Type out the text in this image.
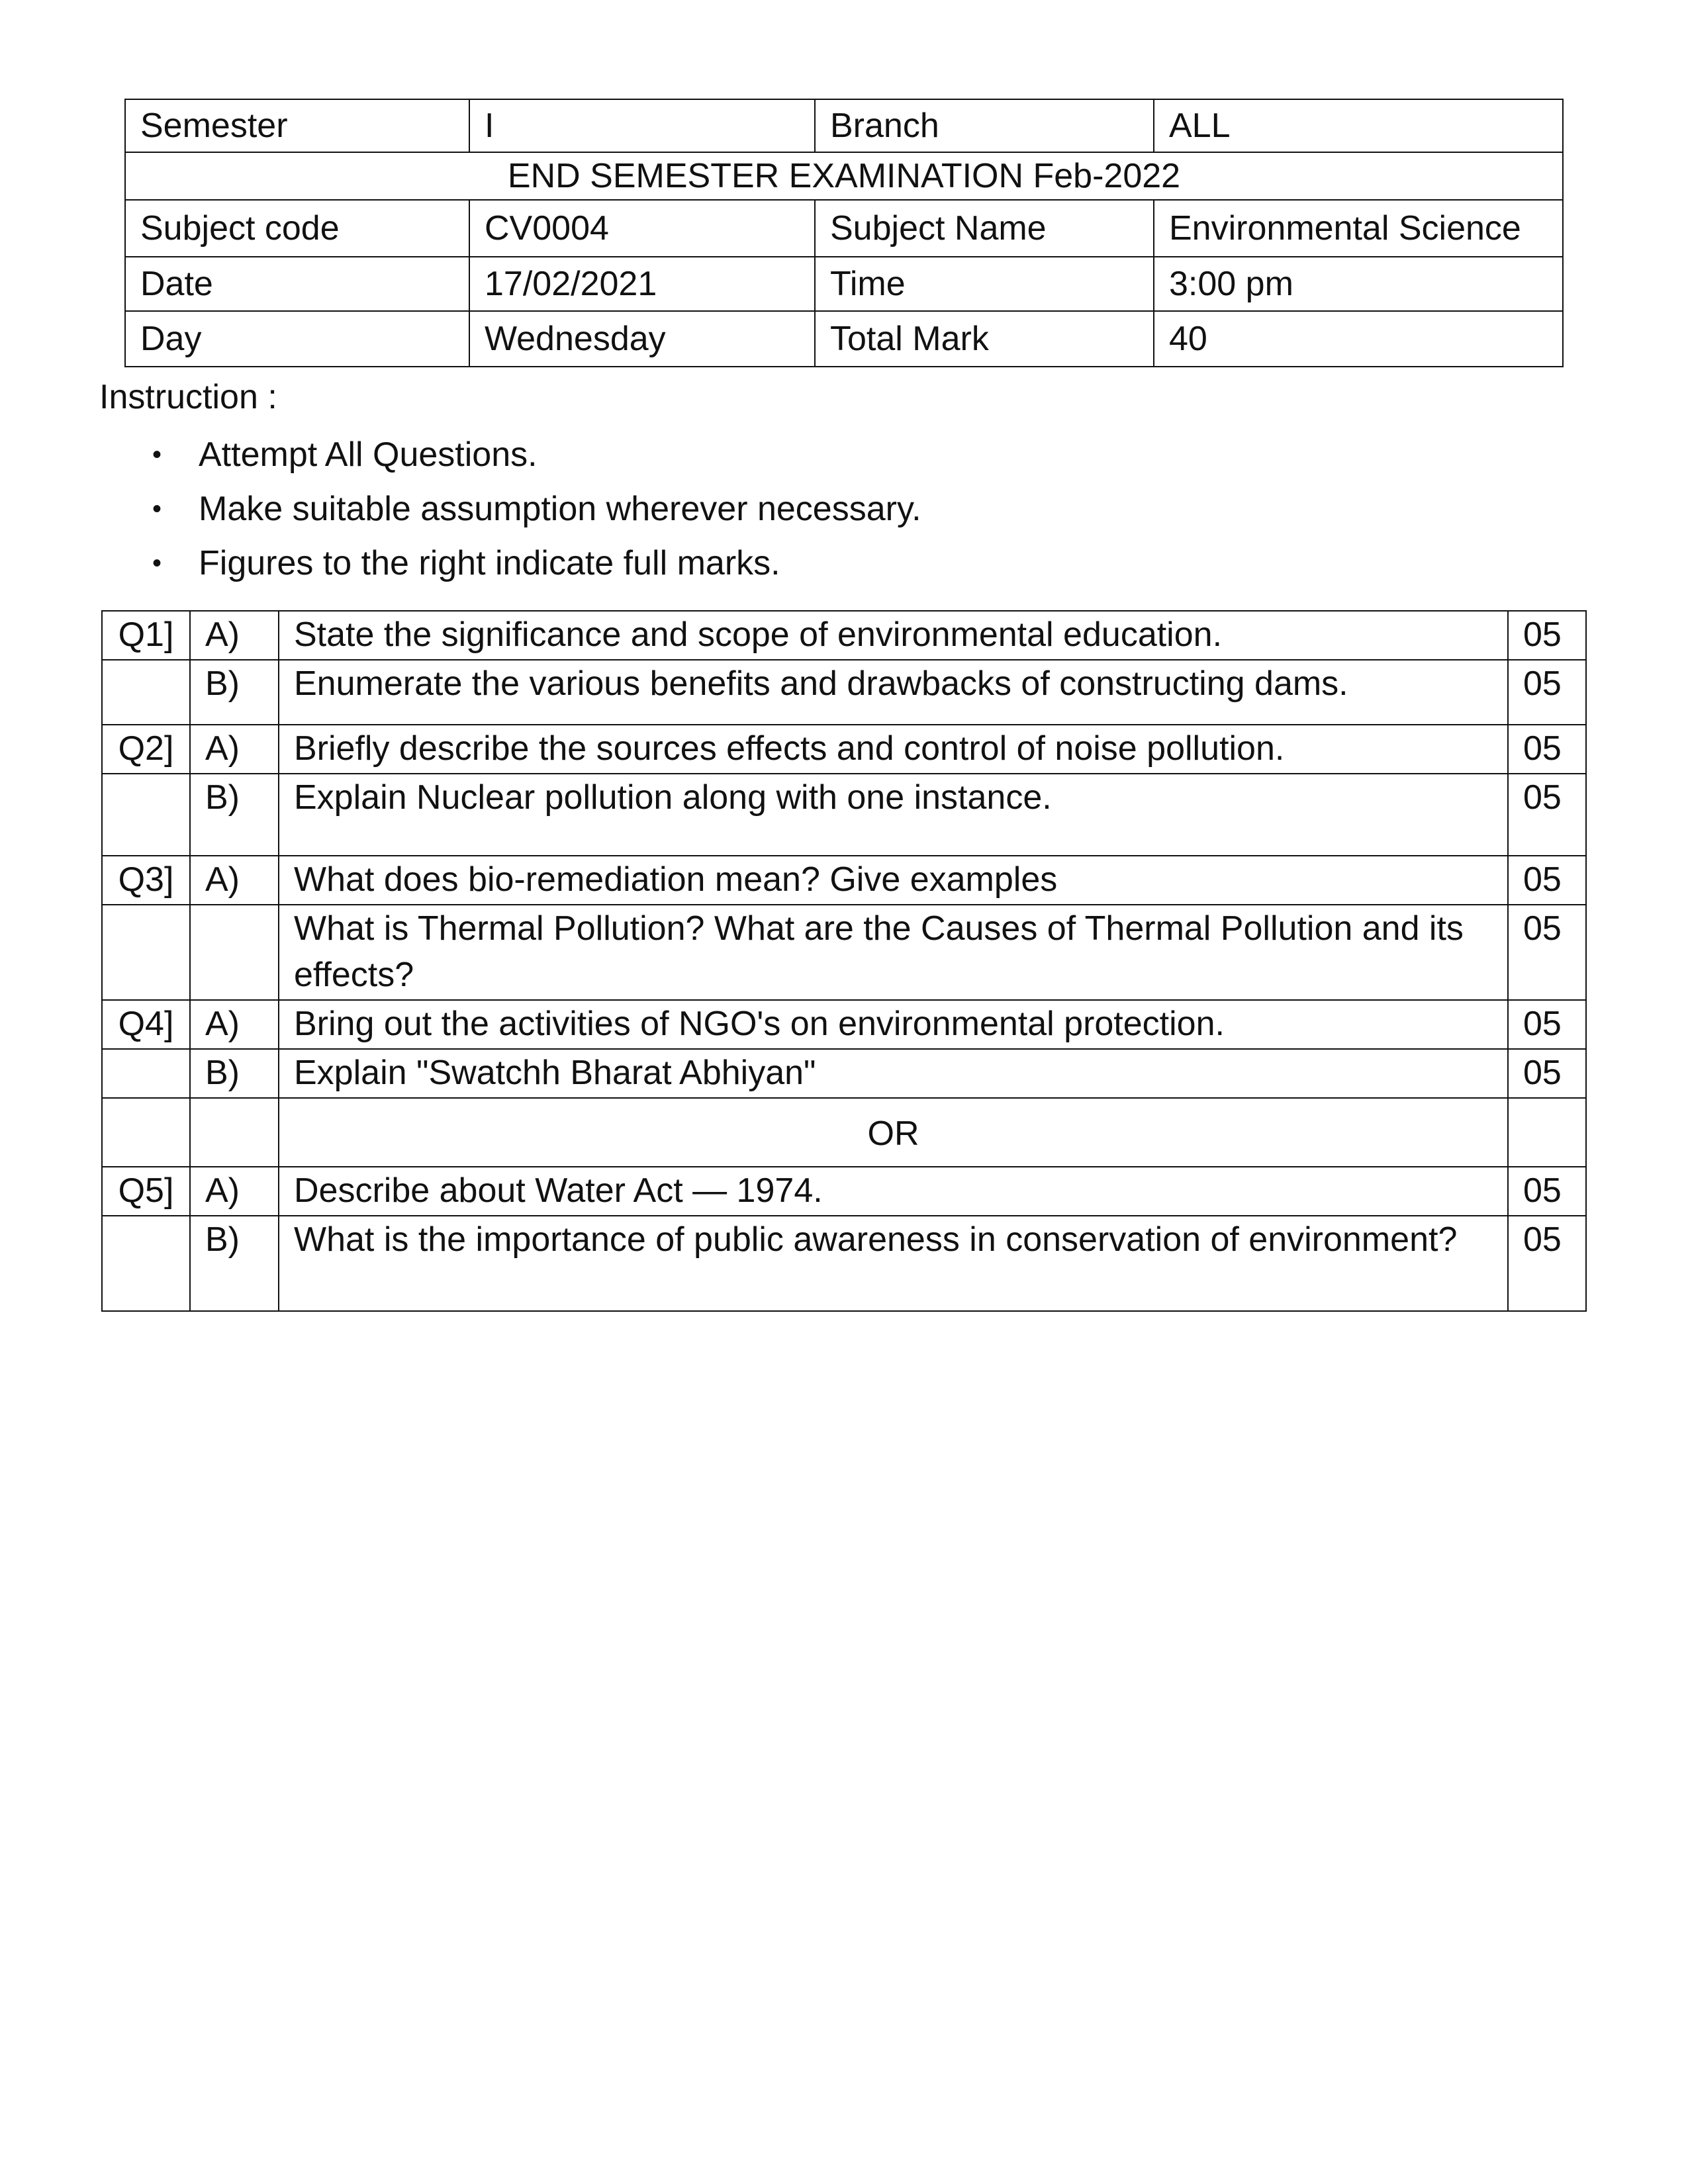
Semester	I	Branch	ALL
END SEMESTER EXAMINATION Feb-2022			
Subject code	CV0004	Subject Name	Environmental Science
Date	17/02/2021	Time	3:00 pm
Day	Wednesday	Total Mark	40

Instruction :

• Attempt All Questions.
• Make suitable assumption wherever necessary.
• Figures to the right indicate full marks.
Q1]	A)	State the significance and scope of environmental education.	05
	B)	Enumerate the various benefits and drawbacks of constructing dams.	05
Q2]	A)	Briefly describe the sources effects and control of noise pollution.	05
	B)	Explain Nuclear pollution along with one instance.	05
Q3]	A)	What does bio-remediation mean? Give examples	05
		What is Thermal Pollution? What are the Causes of Thermal Pollution and its effects?	05
Q4]	A)	Bring out the activities of NGO's on environmental protection.	05
	B)	Explain "Swatchh Bharat Abhiyan"	05
		OR	
Q5]	A)	Describe about Water Act — 1974.	05
	B)	What is the importance of public awareness in conservation of environment?	05
